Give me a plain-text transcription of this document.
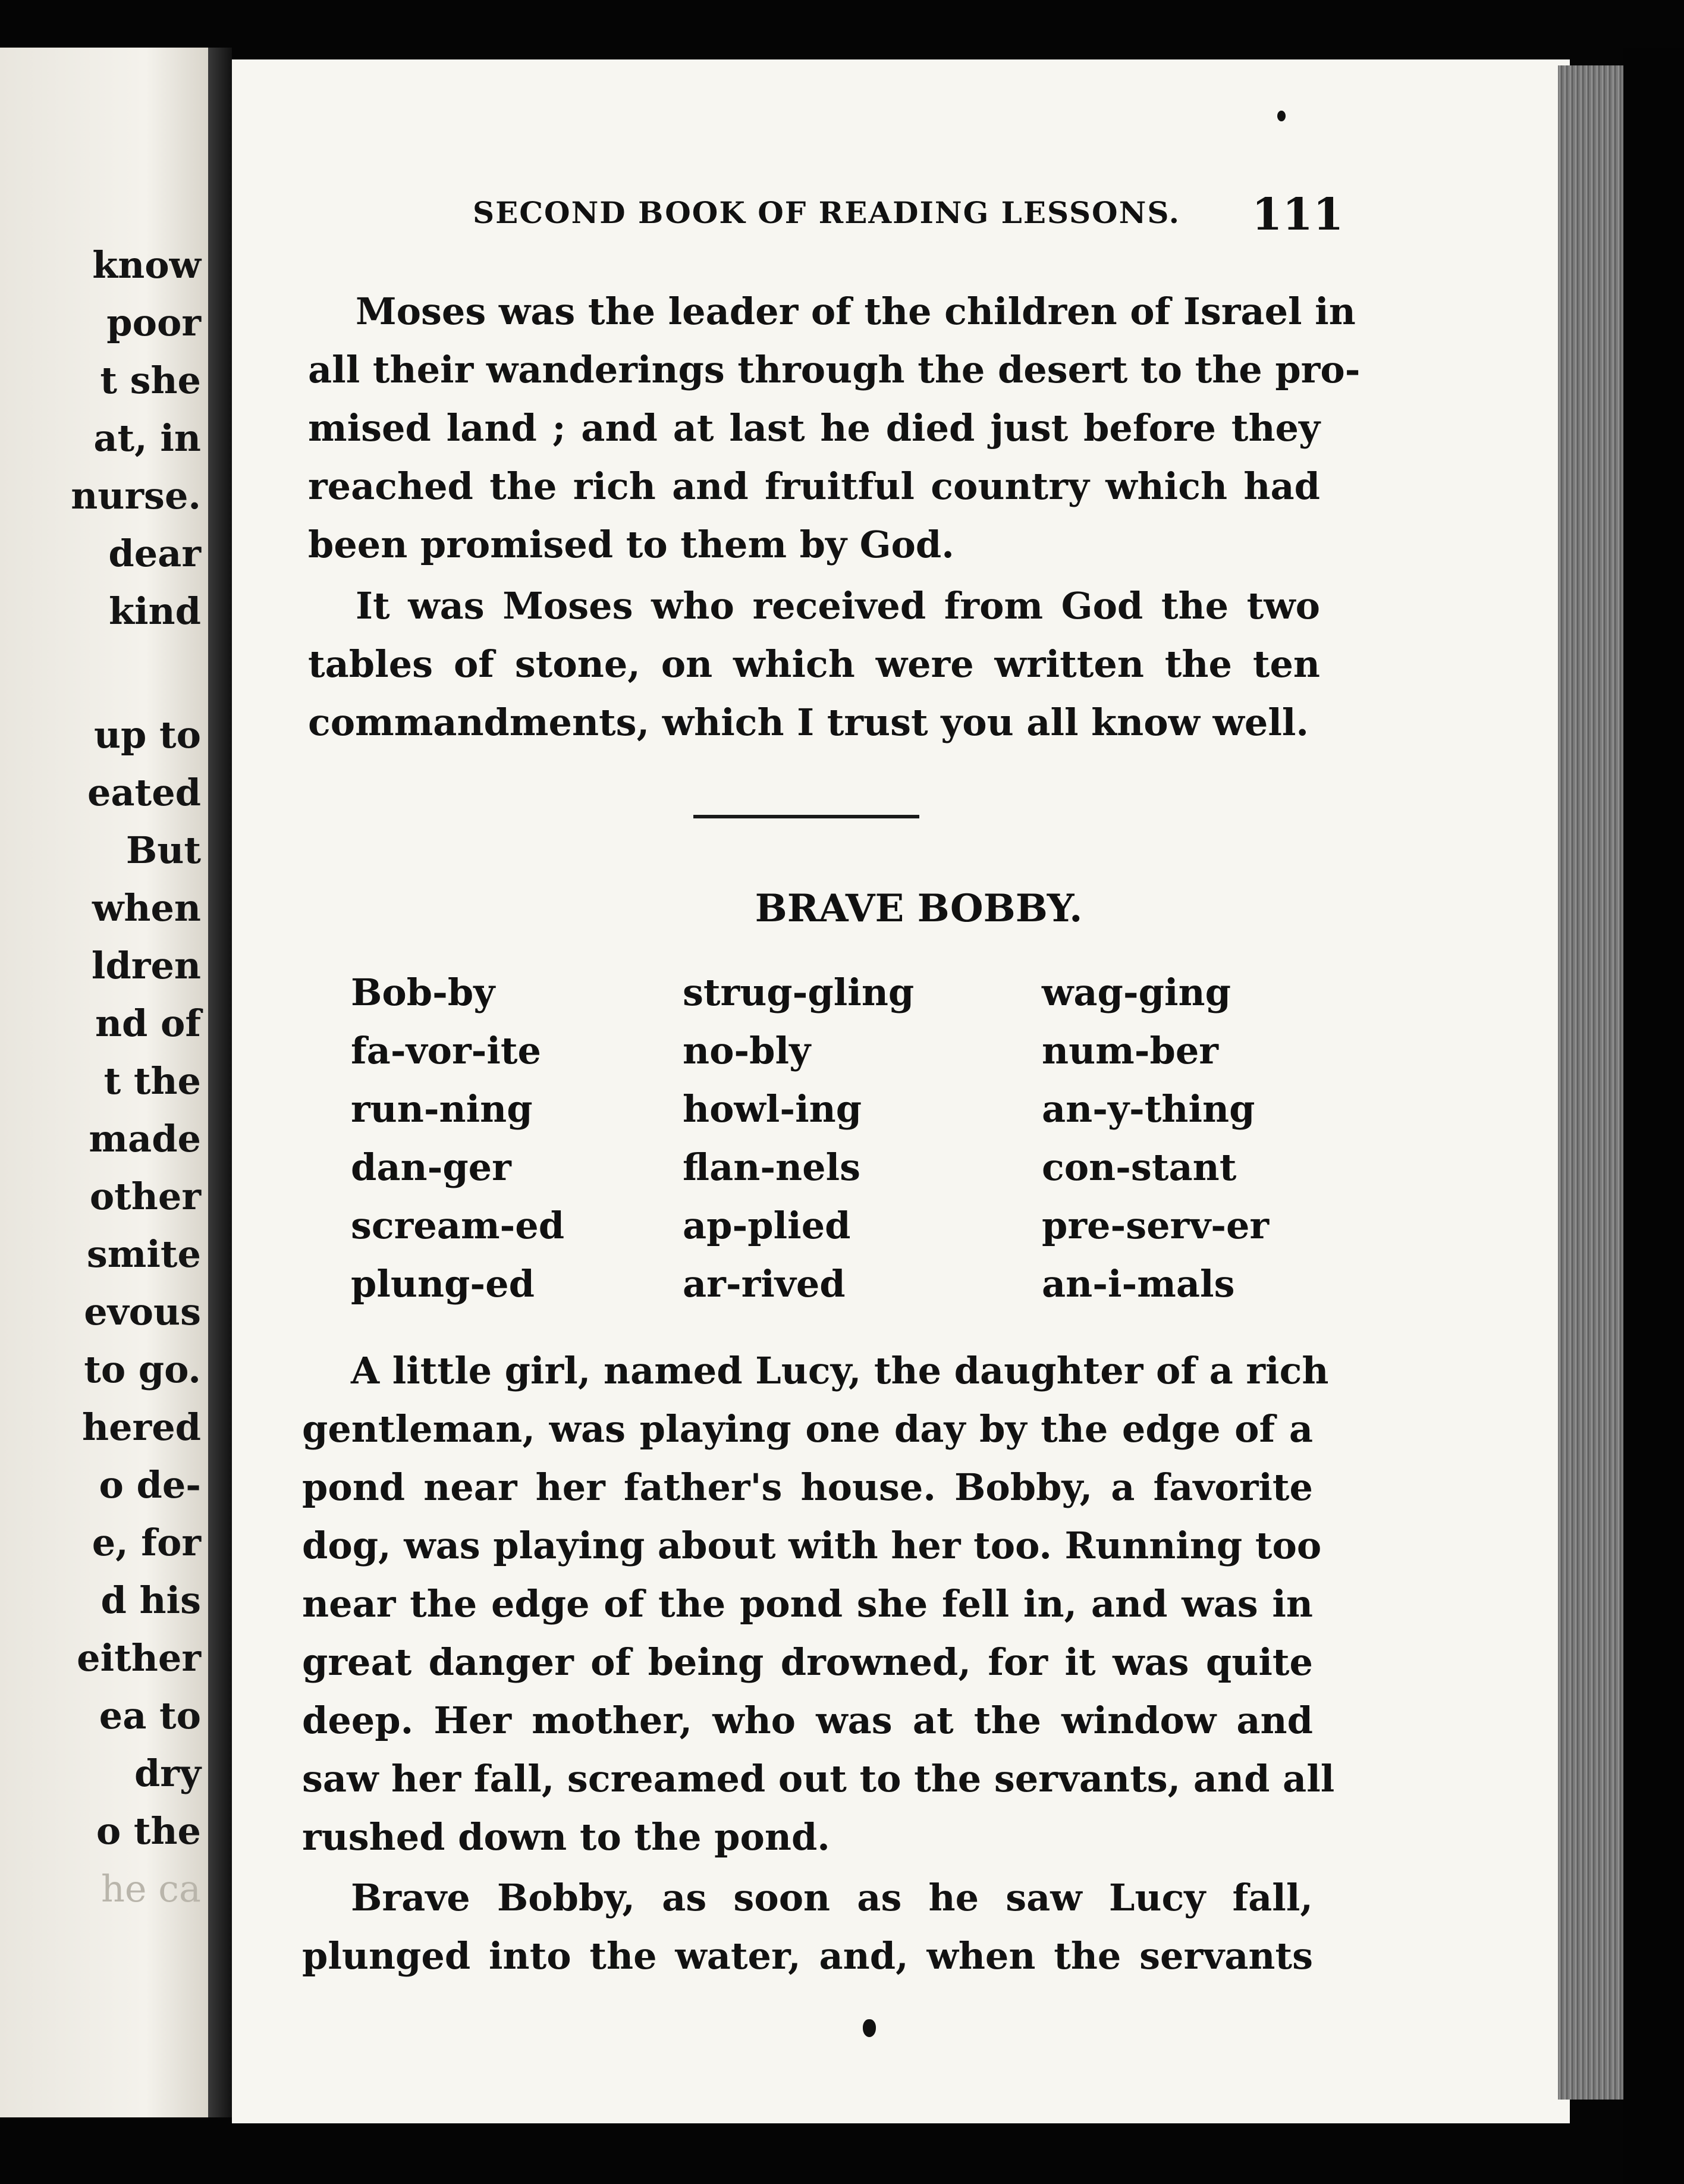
know
poor
t she
at, in
nurse.
dear
kind
up to
eated
But
when
ldren
nd of
t the
made
other
smite
evous
to go.
hered
o de-
e, for
d his
either
ea to
dry
o the
he ca
SECOND BOOK OF READING LESSONS.	111
Moses was the leader of the children of Israel in
all their wanderings through the desert to the pro-
mised land ; and at last he died just before they
reached the rich and fruitful country which had
been promised to them by God.
It was Moses who received from God the two
tables of stone, on which were written the ten
commandments, which I trust you all know well.
BRAVE BOBBY.
Bob-by
fa-vor-ite
run-ning
dan-ger
scream-ed
plung-ed
strug-gling
no-bly
howl-ing
flan-nels
ap-plied
ar-rived
wag-ging
num-ber
an-y-thing
con-stant
pre-serv-er
an-i-mals
A little girl, named Lucy, the daughter of a rich
gentleman, was playing one day by the edge of a
pond near her father's house. Bobby, a favorite
dog, was playing about with her too. Running too
near the edge of the pond she fell in, and was in
great danger of being drowned, for it was quite
deep. Her mother, who was at the window and
saw her fall, screamed out to the servants, and all
rushed down to the pond.
Brave Bobby, as soon as he saw Lucy fall,
plunged into the water, and, when the servants
